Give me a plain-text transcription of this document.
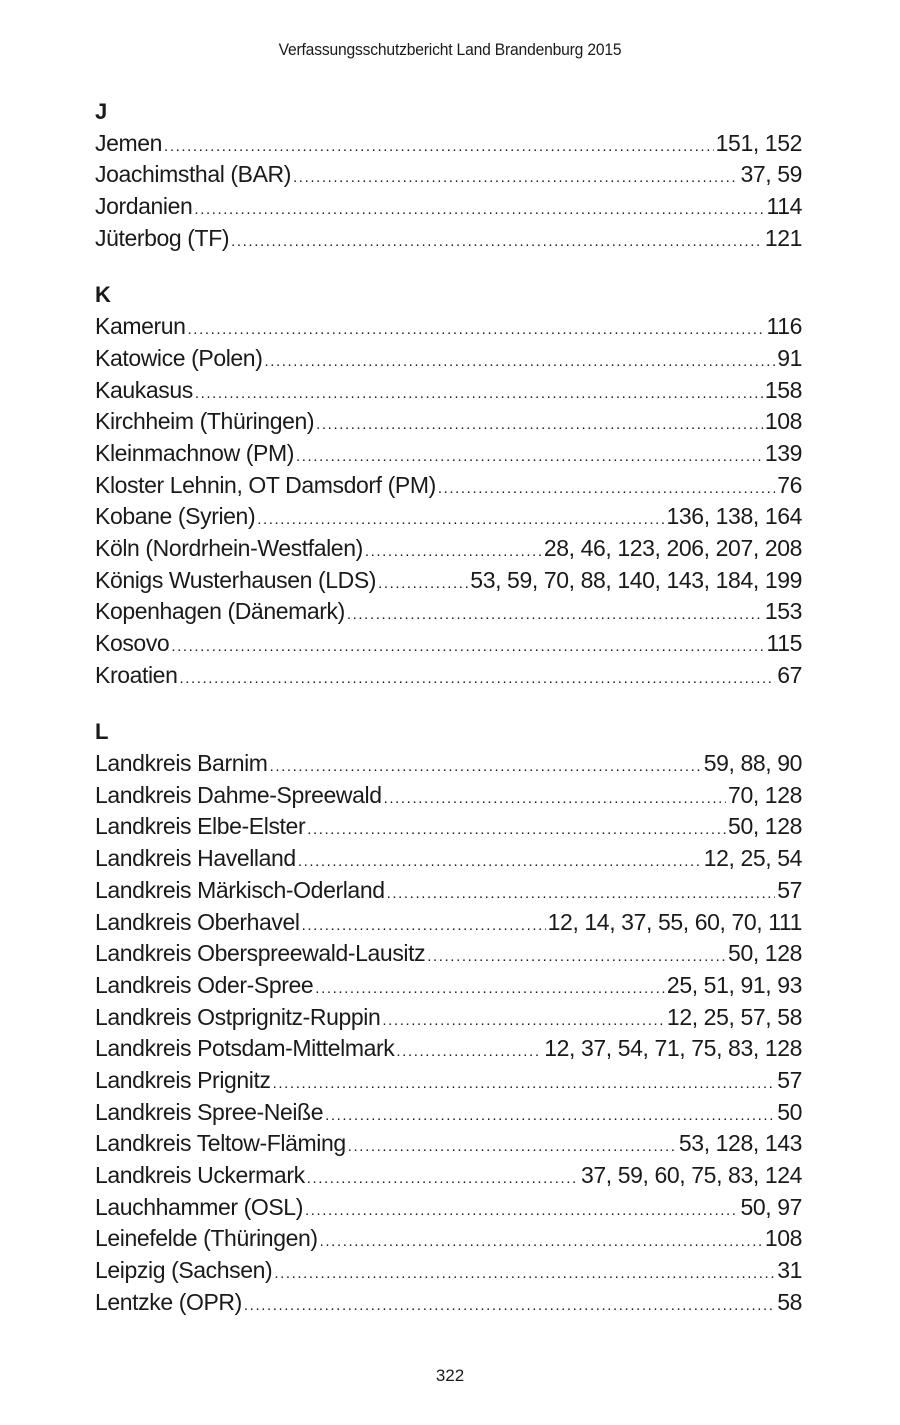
Verfassungsschutzbericht Land Brandenburg 2015
J
Jemen .....	151, 152
Joachimsthal (BAR) .....	37, 59
Jordanien .....	114
Jüterbog (TF) .....	121
K
Kamerun .....	116
Katowice (Polen) .....	91
Kaukasus .....	158
Kirchheim (Thüringen) .....	108
Kleinmachnow (PM) .....	139
Kloster Lehnin, OT Damsdorf (PM) .....	76
Kobane (Syrien) .....	136, 138, 164
Köln (Nordrhein-Westfalen) .....	28, 46, 123, 206, 207, 208
Königs Wusterhausen (LDS) .....	53, 59, 70, 88, 140, 143, 184, 199
Kopenhagen (Dänemark) .....	153
Kosovo .....	115
Kroatien .....	67
L
Landkreis Barnim .....	59, 88, 90
Landkreis Dahme-Spreewald .....	70, 128
Landkreis Elbe-Elster .....	50, 128
Landkreis Havelland .....	12, 25, 54
Landkreis Märkisch-Oderland .....	57
Landkreis Oberhavel .....	12, 14, 37, 55, 60, 70, 111
Landkreis Oberspreewald-Lausitz .....	50, 128
Landkreis Oder-Spree .....	25, 51, 91, 93
Landkreis Ostprignitz-Ruppin .....	12, 25, 57, 58
Landkreis Potsdam-Mittelmark .....	12, 37, 54, 71, 75, 83, 128
Landkreis Prignitz .....	57
Landkreis Spree-Neiße .....	50
Landkreis Teltow-Fläming .....	53, 128, 143
Landkreis Uckermark .....	37, 59, 60, 75, 83, 124
Lauchhammer (OSL) .....	50, 97
Leinefelde (Thüringen) .....	108
Leipzig (Sachsen) .....	31
Lentzke (OPR) .....	58
322
